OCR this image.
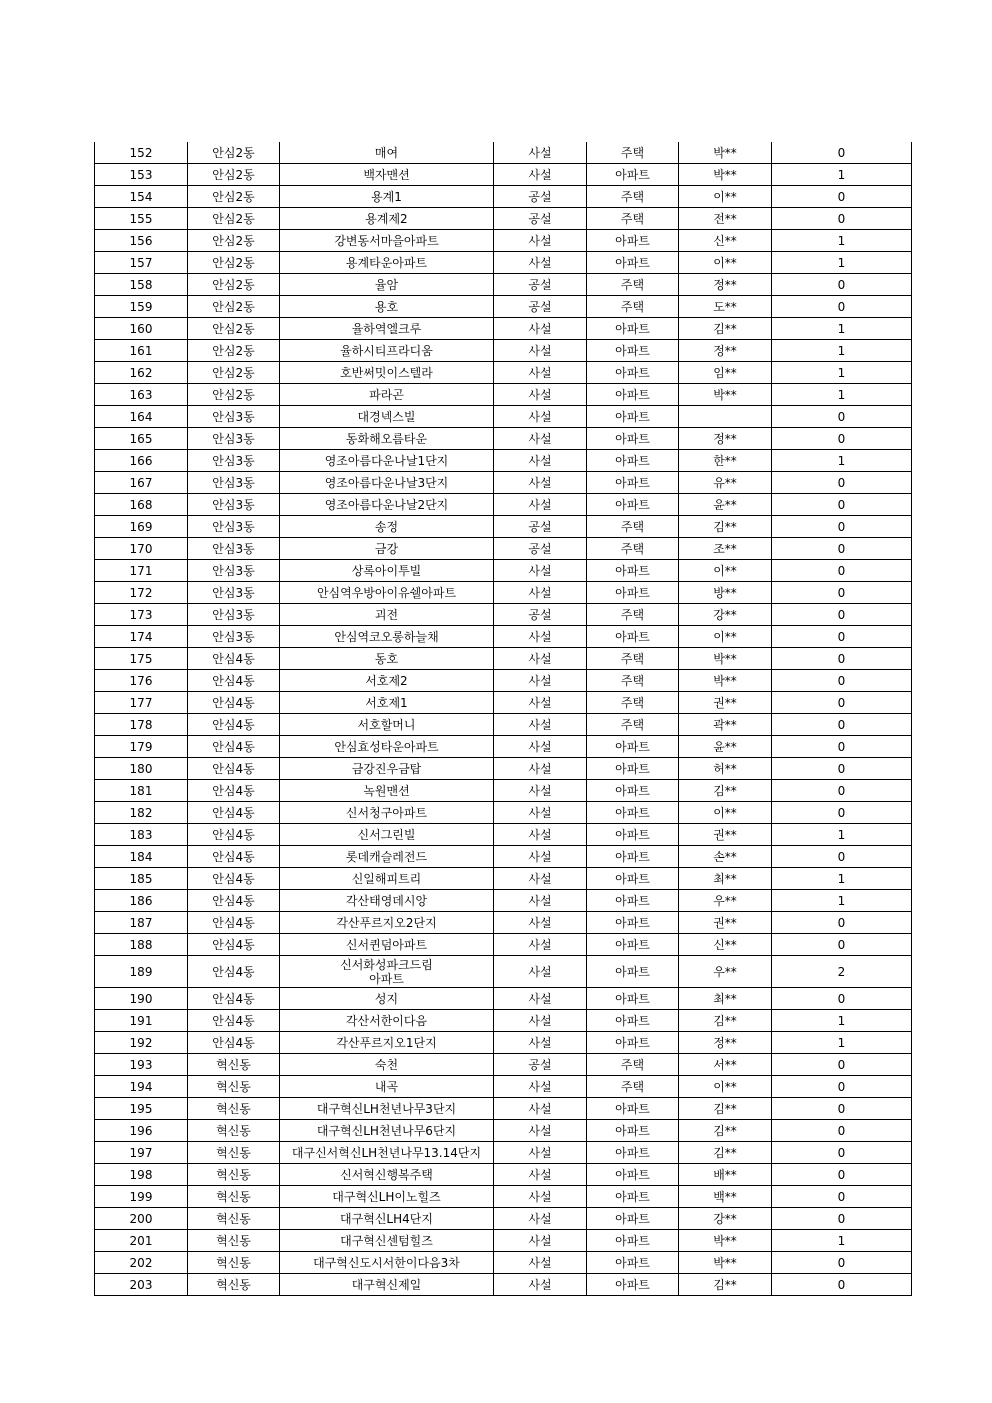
152	안심2동	매여	사설	주택	박**	0
153	안심2동	백자맨션	사설	아파트	박**	1
154	안심2동	용계1	공설	주택	이**	0
155	안심2동	용계제2	공설	주택	전**	0
156	안심2동	강변동서마을아파트	사설	아파트	신**	1
157	안심2동	용계타운아파트	사설	아파트	이**	1
158	안심2동	율암	공설	주택	정**	0
159	안심2동	용호	공설	주택	도**	0
160	안심2동	율하역엘크루	사설	아파트	김**	1
161	안심2동	율하시티프라디움	사설	아파트	정**	1
162	안심2동	호반써밋이스텔라	사설	아파트	임**	1
163	안심2동	파라곤	사설	아파트	박**	1
164	안심3동	대경넥스빌	사설	아파트		0
165	안심3동	동화해오름타운	사설	아파트	정**	0
166	안심3동	영조아름다운나날1단지	사설	아파트	한**	1
167	안심3동	영조아름다운나날3단지	사설	아파트	유**	0
168	안심3동	영조아름다운나날2단지	사설	아파트	윤**	0
169	안심3동	송정	공설	주택	김**	0
170	안심3동	금강	공설	주택	조**	0
171	안심3동	상록아이투빌	사설	아파트	이**	0
172	안심3동	안심역우방아이유쉘아파트	사설	아파트	방**	0
173	안심3동	괴전	공설	주택	강**	0
174	안심3동	안심역코오롱하늘채	사설	아파트	이**	0
175	안심4동	동호	사설	주택	박**	0
176	안심4동	서호제2	사설	주택	박**	0
177	안심4동	서호제1	사설	주택	권**	0
178	안심4동	서호할머니	사설	주택	곽**	0
179	안심4동	안심효성타운아파트	사설	아파트	윤**	0
180	안심4동	금강진우금탑	사설	아파트	허**	0
181	안심4동	녹원맨션	사설	아파트	김**	0
182	안심4동	신서청구아파트	사설	아파트	이**	0
183	안심4동	신서그린빌	사설	아파트	권**	1
184	안심4동	롯데캐슬레전드	사설	아파트	손**	0
185	안심4동	신일해피트리	사설	아파트	최**	1
186	안심4동	각산태영데시앙	사설	아파트	우**	1
187	안심4동	각산푸르지오2단지	사설	아파트	권**	0
188	안심4동	신서퀸덤아파트	사설	아파트	신**	0
189	안심4동	신서화성파크드림
아파트	사설	아파트	우**	2
190	안심4동	성지	사설	아파트	최**	0
191	안심4동	각산서한이다음	사설	아파트	김**	1
192	안심4동	각산푸르지오1단지	사설	아파트	정**	1
193	혁신동	숙천	공설	주택	서**	0
194	혁신동	내곡	사설	주택	이**	0
195	혁신동	대구혁신LH천년나무3단지	사설	아파트	김**	0
196	혁신동	대구혁신LH천년나무6단지	사설	아파트	김**	0
197	혁신동	대구신서혁신LH천년나무13.14단지	사설	아파트	김**	0
198	혁신동	신서혁신행복주택	사설	아파트	배**	0
199	혁신동	대구혁신LH이노힐즈	사설	아파트	백**	0
200	혁신동	대구혁신LH4단지	사설	아파트	강**	0
201	혁신동	대구혁신센텀힐즈	사설	아파트	박**	1
202	혁신동	대구혁신도시서한이다음3차	사설	아파트	박**	0
203	혁신동	대구혁신제일	사설	아파트	김**	0
